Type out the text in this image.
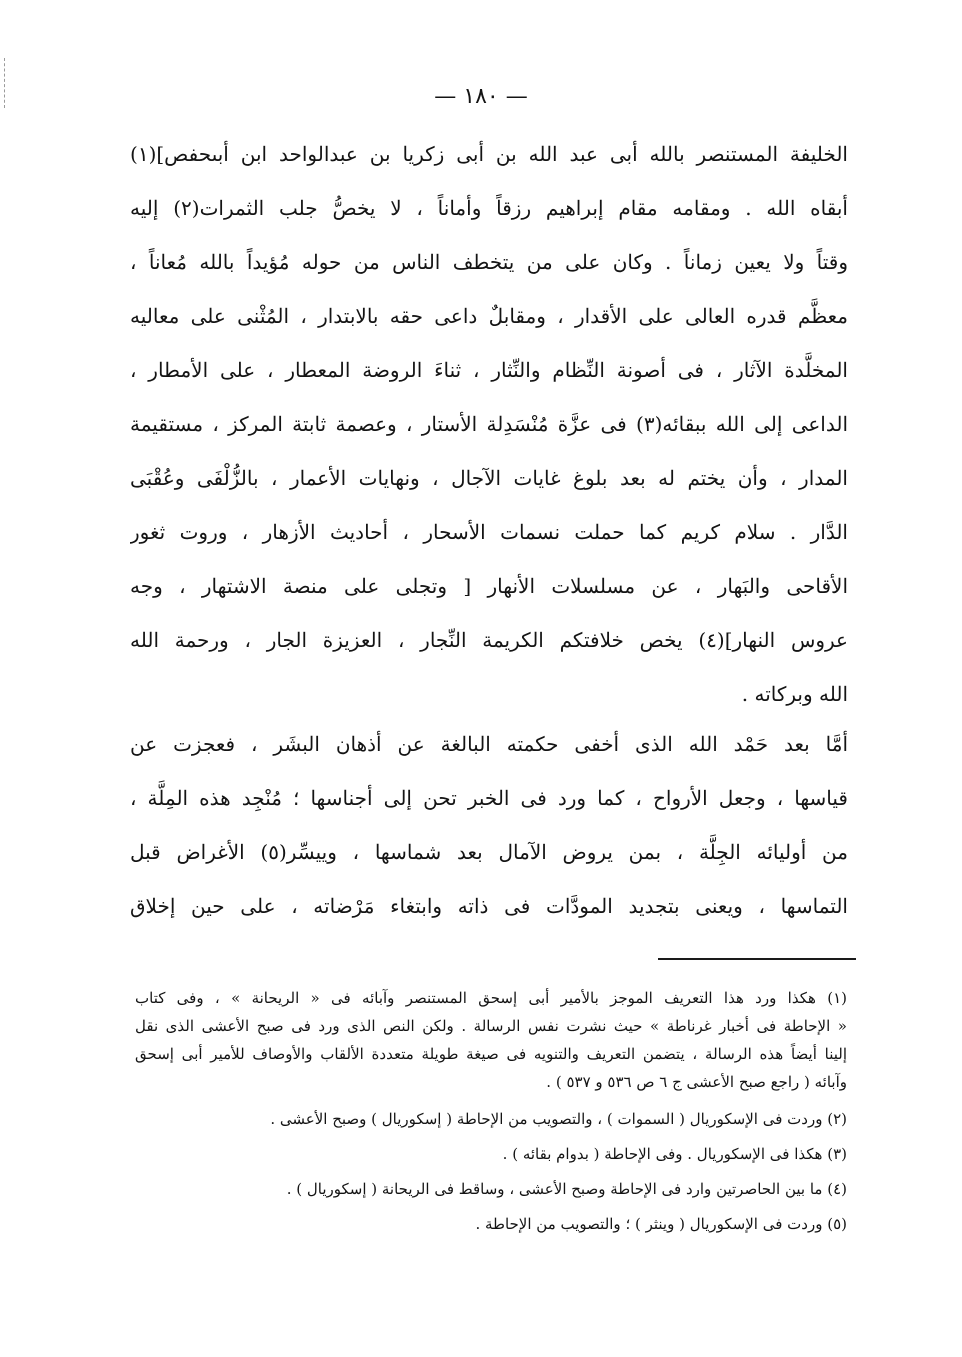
— ١٨٠ —
الخليفة المستنصر بالله أبى عبد الله بن أبى زكريا بن عبدالواحد ابن أبىحفص](١)
أبقاه الله . ومقامه مقام إبراهيم رزقاً وأماناً ، لا يخصُّ جلب الثمرات(٢) إليه
وقتاً ولا يعين زماناً . وكان على من يتخطف الناس من حوله مُؤيداً بالله مُعاناً ،
معظَّم قدره العالى على الأقدار ، ومقابلٌ داعى حقه بالابتدار ، المُثْنى على معاليه
المخلَّدة الآثار ، فى أصونة النِّظام والنِّثار ، ثناءَ الروضة المعطار ، على الأمطار ،
الداعى إلى الله ببقائه(٣) فى عزَّة مُنْسَدِلة الأستار ، وعصمة ثابتة المركز ، مستقيمة
المدار ، وأن يختم له بعد بلوغ غايات الآجال ، ونهايات الأعمار ، بالزُّلْفَى وعُقْبَى
الدَّار . سلام كريم كما حملت نسمات الأسحار ، أحاديث الأزهار ، وروت ثغور
الأقاحى والبَهار ، عن مسلسلات الأنهار [ وتجلى على منصة الاشتهار ، وجه
عروس النهار](٤) يخص خلافتكم الكريمة النِّجار ، العزيزة الجار ، ورحمة الله
الله وبركاته .
أمَّا بعد حَمْد الله الذى أخفى حكمته البالغة عن أذهان البشَر ، فعجزت عن
قياسها ، وجعل الأرواح ، كما ورد فى الخبر تحن إلى أجناسها ؛ مُنْجِد هذه المِلَّة ،
من أوليائه الجِلَّة ، بمن يروض الآمال بعد شماسها ، وييسِّر(٥) الأغراض قبل
التماسها ، ويعنى بتجديد المودَّات فى ذاته وابتغاء مَرْضاته ، على حين إخلاق
(١) هكذا ورد هذا التعريف الموجز بالأمير أبى إسحق المستنصر وآبائه فى « الريحانة » ، وفى كتاب
« الإحاطة فى أخبار غرناطة » حيث نشرت نفس الرسالة . ولكن النص الذى ورد فى صبح الأعشى الذى نقل
إلينا أيضاً هذه الرسالة ، يتضمن التعريف والتنويه فى صيغة طويلة متعددة الألقاب والأوصاف للأمير أبى إسحق
وآبائه ( راجع صبح الأعشى ج ٦ ص ٥٣٦ و ٥٣٧ ) .
(٢) وردت فى الإسكوريال ( السموات ) ، والتصويب من الإحاطة ( إسكوريال ) وصبح الأعشى .
(٣) هكذا فى الإسكوريال . وفى الإحاطة ( بدوام بقائه ) .
(٤) ما بين الحاصرتين وارد فى الإحاطة وصبح الأعشى ، وساقط فى الريحانة ( إسكوريال ) .
(٥) وردت فى الإسكوريال ( وينثر ) ؛ والتصويب من الإحاطة .
